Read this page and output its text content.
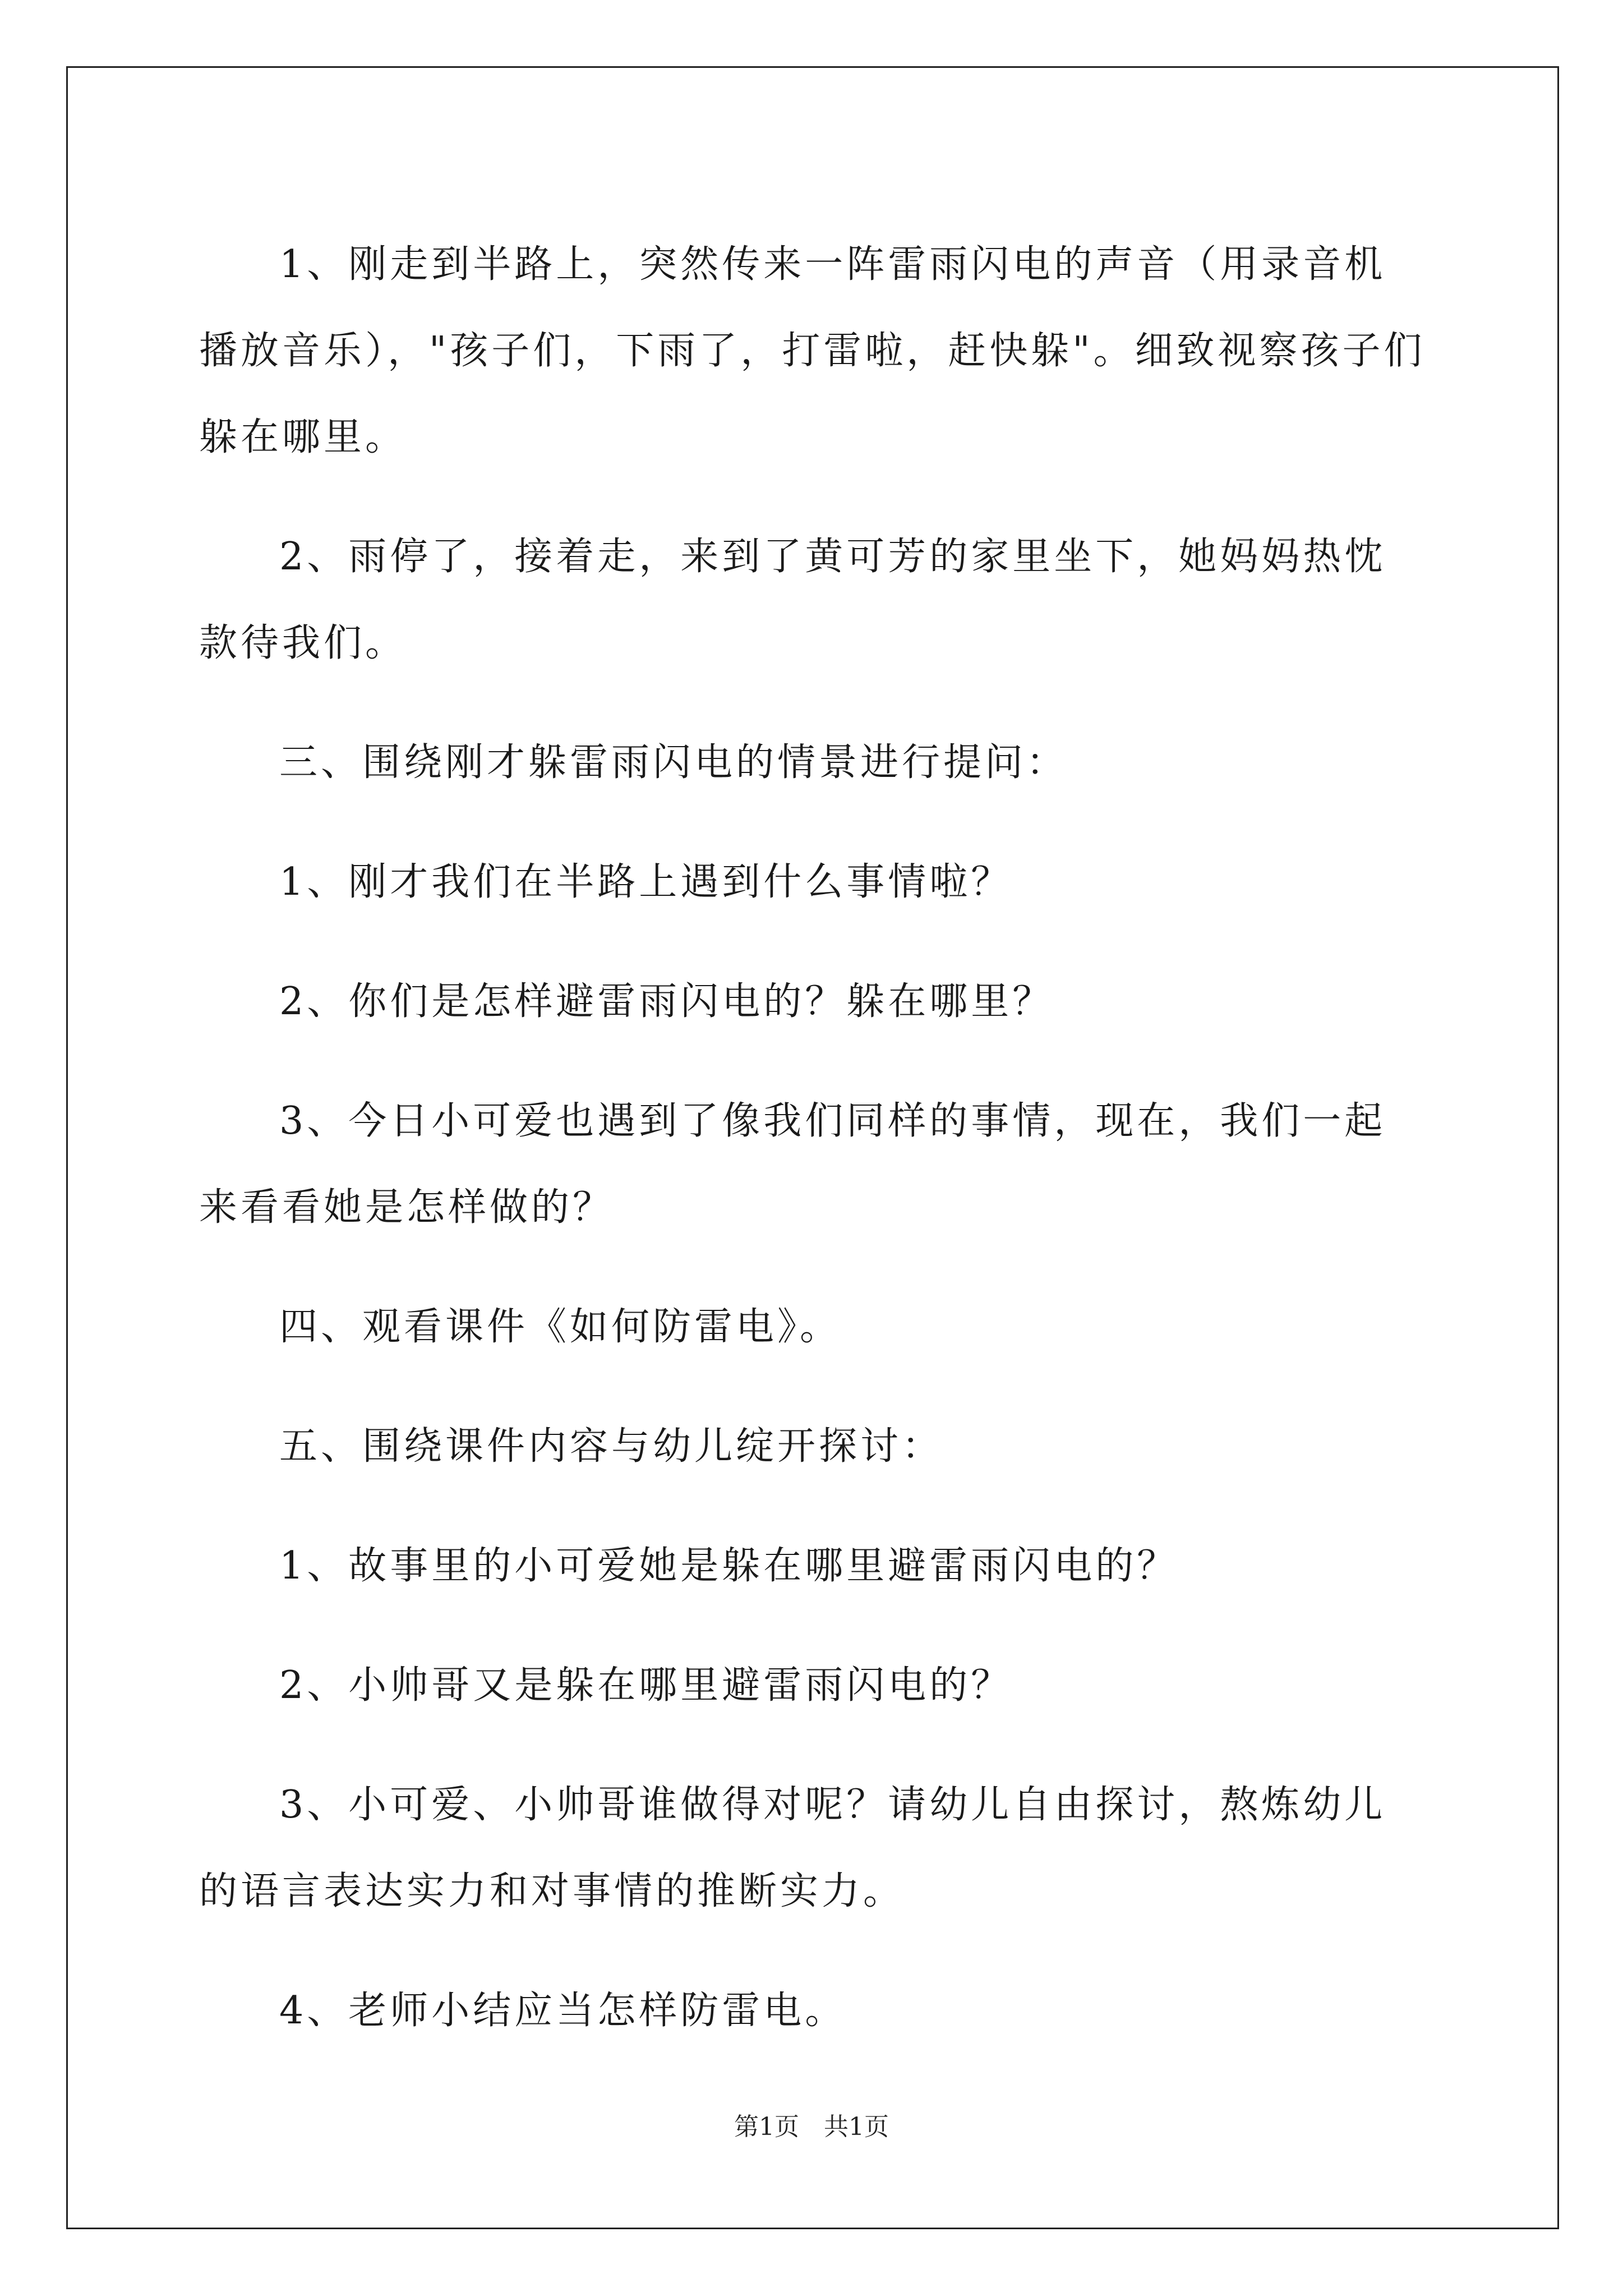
1、刚走到半路上，突然传来一阵雷雨闪电的声音（用录音机播放音乐），"孩子们，下雨了，打雷啦，赶快躲"。细致视察孩子们躲在哪里。

2、雨停了，接着走，来到了黄可芳的家里坐下，她妈妈热忱款待我们。

三、围绕刚才躲雷雨闪电的情景进行提问：

1、刚才我们在半路上遇到什么事情啦？

2、你们是怎样避雷雨闪电的？躲在哪里？

3、今日小可爱也遇到了像我们同样的事情，现在，我们一起来看看她是怎样做的？

四、观看课件《如何防雷电》。

五、围绕课件内容与幼儿绽开探讨：

1、故事里的小可爱她是躲在哪里避雷雨闪电的？

2、小帅哥又是躲在哪里避雷雨闪电的？

3、小可爱、小帅哥谁做得对呢？请幼儿自由探讨，熬炼幼儿的语言表达实力和对事情的推断实力。

4、老师小结应当怎样防雷电。

第1页　共1页
